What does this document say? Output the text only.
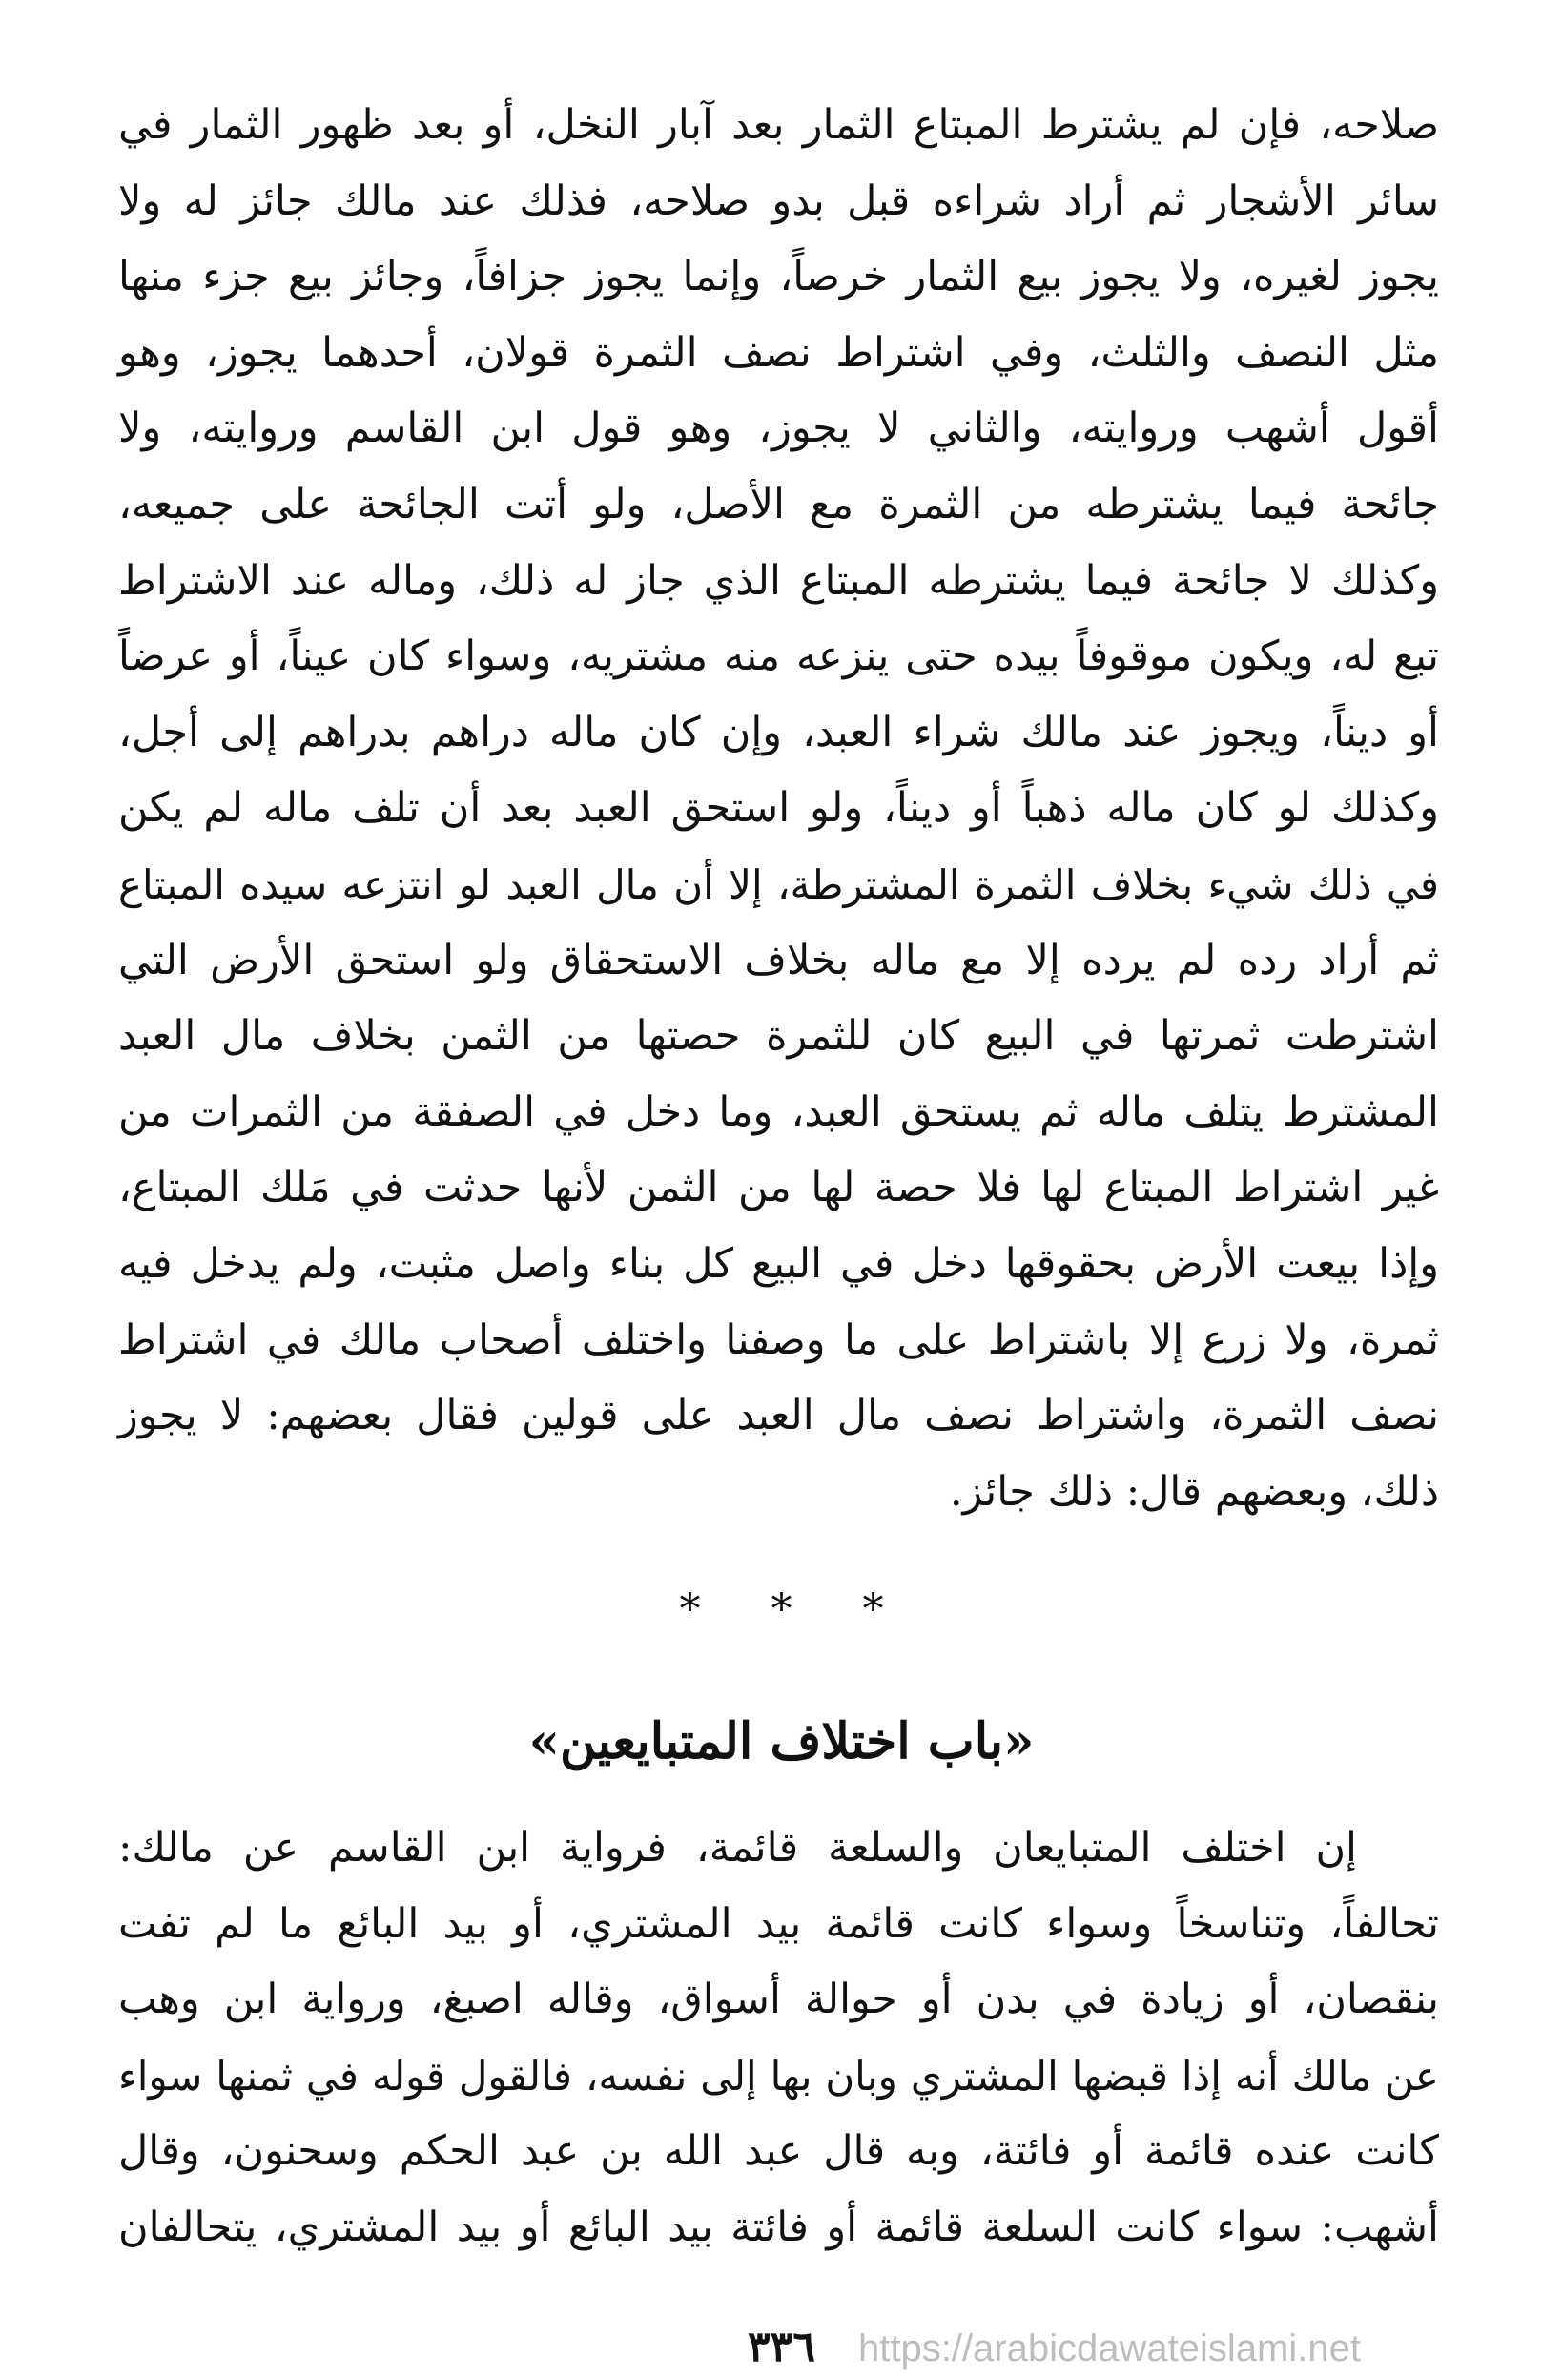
صلاحه، فإن لم يشترط المبتاع الثمار بعد آبار النخل، أو بعد ظهور الثمار في
سائر الأشجار ثم أراد شراءه قبل بدو صلاحه، فذلك عند مالك جائز له ولا
يجوز لغيره، ولا يجوز بيع الثمار خرصاً، وإنما يجوز جزافاً، وجائز بيع جزء منها
مثل النصف والثلث، وفي اشتراط نصف الثمرة قولان، أحدهما يجوز، وهو
أقول أشهب وروايته، والثاني لا يجوز، وهو قول ابن القاسم وروايته، ولا
جائحة فيما يشترطه من الثمرة مع الأصل، ولو أتت الجائحة على جميعه،
وكذلك لا جائحة فيما يشترطه المبتاع الذي جاز له ذلك، وماله عند الاشتراط
تبع له، ويكون موقوفاً بيده حتى ينزعه منه مشتريه، وسواء كان عيناً، أو عرضاً
أو ديناً، ويجوز عند مالك شراء العبد، وإن كان ماله دراهم بدراهم إلى أجل،
وكذلك لو كان ماله ذهباً أو ديناً، ولو استحق العبد بعد أن تلف ماله لم يكن
في ذلك شيء بخلاف الثمرة المشترطة، إلا أن مال العبد لو انتزعه سيده المبتاع
ثم أراد رده لم يرده إلا مع ماله بخلاف الاستحقاق ولو استحق الأرض التي
اشترطت ثمرتها في البيع كان للثمرة حصتها من الثمن بخلاف مال العبد
المشترط يتلف ماله ثم يستحق العبد، وما دخل في الصفقة من الثمرات من
غير اشتراط المبتاع لها فلا حصة لها من الثمن لأنها حدثت في مَلك المبتاع،
وإذا بيعت الأرض بحقوقها دخل في البيع كل بناء واصل مثبت، ولم يدخل فيه
ثمرة، ولا زرع إلا باشتراط على ما وصفنا واختلف أصحاب مالك في اشتراط
نصف الثمرة، واشتراط نصف مال العبد على قولين فقال بعضهم: لا يجوز
ذلك، وبعضهم قال: ذلك جائز.
* * *
«باب اختلاف المتبايعين»
إن اختلف المتبايعان والسلعة قائمة، فرواية ابن القاسم عن مالك:
تحالفاً، وتناسخاً وسواء كانت قائمة بيد المشتري، أو بيد البائع ما لم تفت
بنقصان، أو زيادة في بدن أو حوالة أسواق، وقاله اصبغ، ورواية ابن وهب
عن مالك أنه إذا قبضها المشتري وبان بها إلى نفسه، فالقول قوله في ثمنها سواء
كانت عنده قائمة أو فائتة، وبه قال عبد الله بن عبد الحكم وسحنون، وقال
أشهب: سواء كانت السلعة قائمة أو فائتة بيد البائع أو بيد المشتري، يتحالفان
٣٣٦	https://arabicdawateislami.net
